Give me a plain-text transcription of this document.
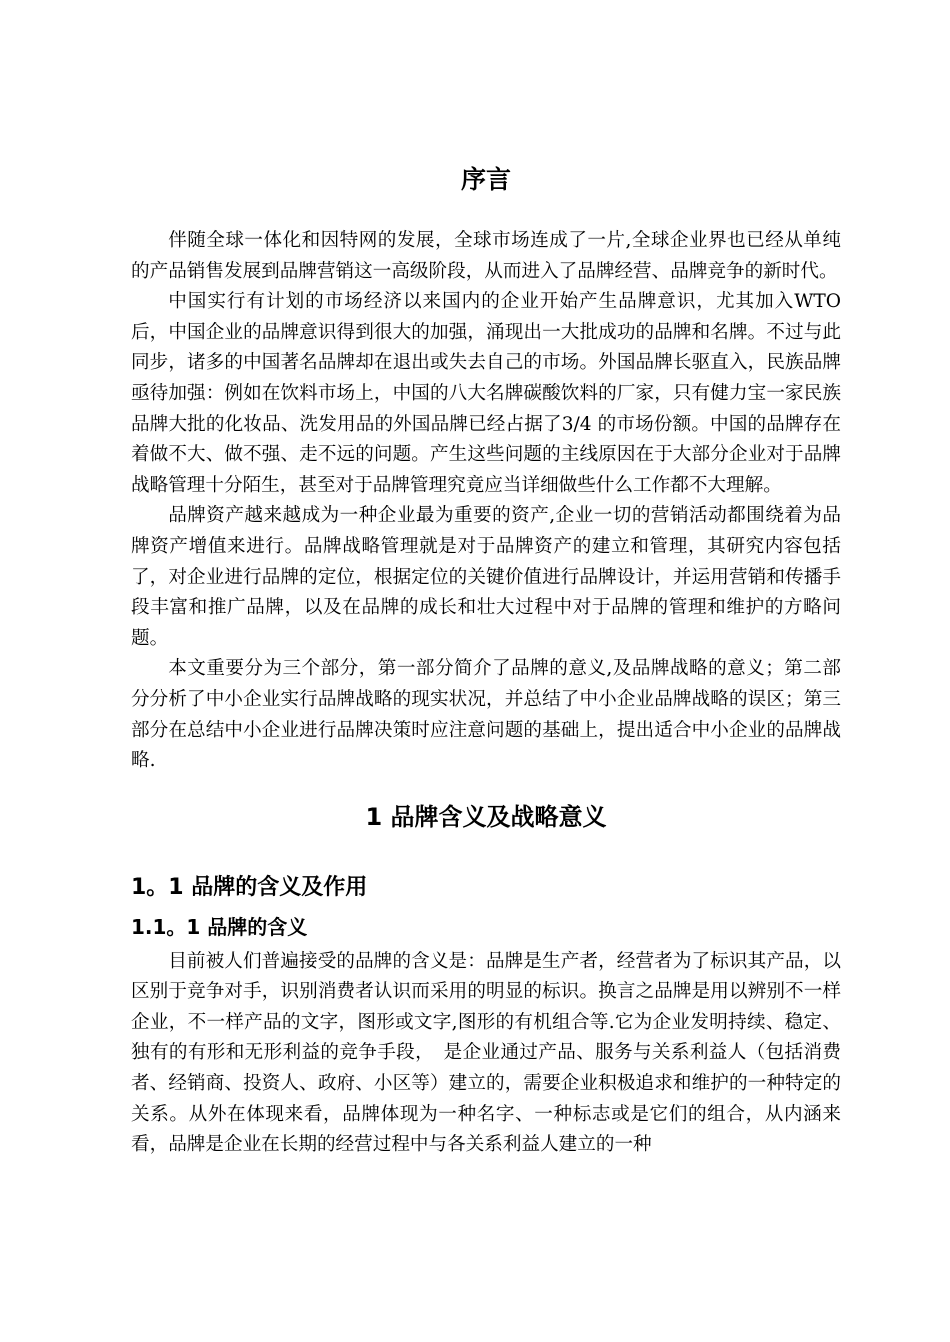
序言

伴随全球一体化和因特网的发展，全球市场连成了一片,全球企业界也已经从单纯的产品销售发展到品牌营销这一高级阶段，从而进入了品牌经营、品牌竞争的新时代。

中国实行有计划的市场经济以来国内的企业开始产生品牌意识，尤其加入WTO后，中国企业的品牌意识得到很大的加强，涌现出一大批成功的品牌和名牌。不过与此同步，诸多的中国著名品牌却在退出或失去自己的市场。外国品牌长驱直入，民族品牌亟待加强：例如在饮料市场上，中国的八大名牌碳酸饮料的厂家，只有健力宝一家民族品牌大批的化妆品、洗发用品的外国品牌已经占据了3/4 的市场份额。中国的品牌存在着做不大、做不强、走不远的问题。产生这些问题的主线原因在于大部分企业对于品牌战略管理十分陌生，甚至对于品牌管理究竟应当详细做些什么工作都不大理解。

品牌资产越来越成为一种企业最为重要的资产,企业一切的营销活动都围绕着为品牌资产增值来进行。品牌战略管理就是对于品牌资产的建立和管理，其研究内容包括了，对企业进行品牌的定位，根据定位的关键价值进行品牌设计，并运用营销和传播手段丰富和推广品牌，以及在品牌的成长和壮大过程中对于品牌的管理和维护的方略问题。

本文重要分为三个部分，第一部分简介了品牌的意义,及品牌战略的意义；第二部分分析了中小企业实行品牌战略的现实状况，并总结了中小企业品牌战略的误区；第三部分在总结中小企业进行品牌决策时应注意问题的基础上，提出适合中小企业的品牌战略.

1 品牌含义及战略意义
1。1 品牌的含义及作用
1.1。1 品牌的含义

目前被人们普遍接受的品牌的含义是：品牌是生产者，经营者为了标识其产品，以区别于竞争对手，识别消费者认识而采用的明显的标识。换言之品牌是用以辨别不一样企业，不一样产品的文字，图形或文字,图形的有机组合等.它为企业发明持续、稳定、独有的有形和无形利益的竞争手段，　是企业通过产品、服务与关系利益人（包括消费者、经销商、投资人、政府、小区等）建立的，需要企业积极追求和维护的一种特定的关系。从外在体现来看，品牌体现为一种名字、一种标志或是它们的组合，从内涵来看，品牌是企业在长期的经营过程中与各关系利益人建立的一种
